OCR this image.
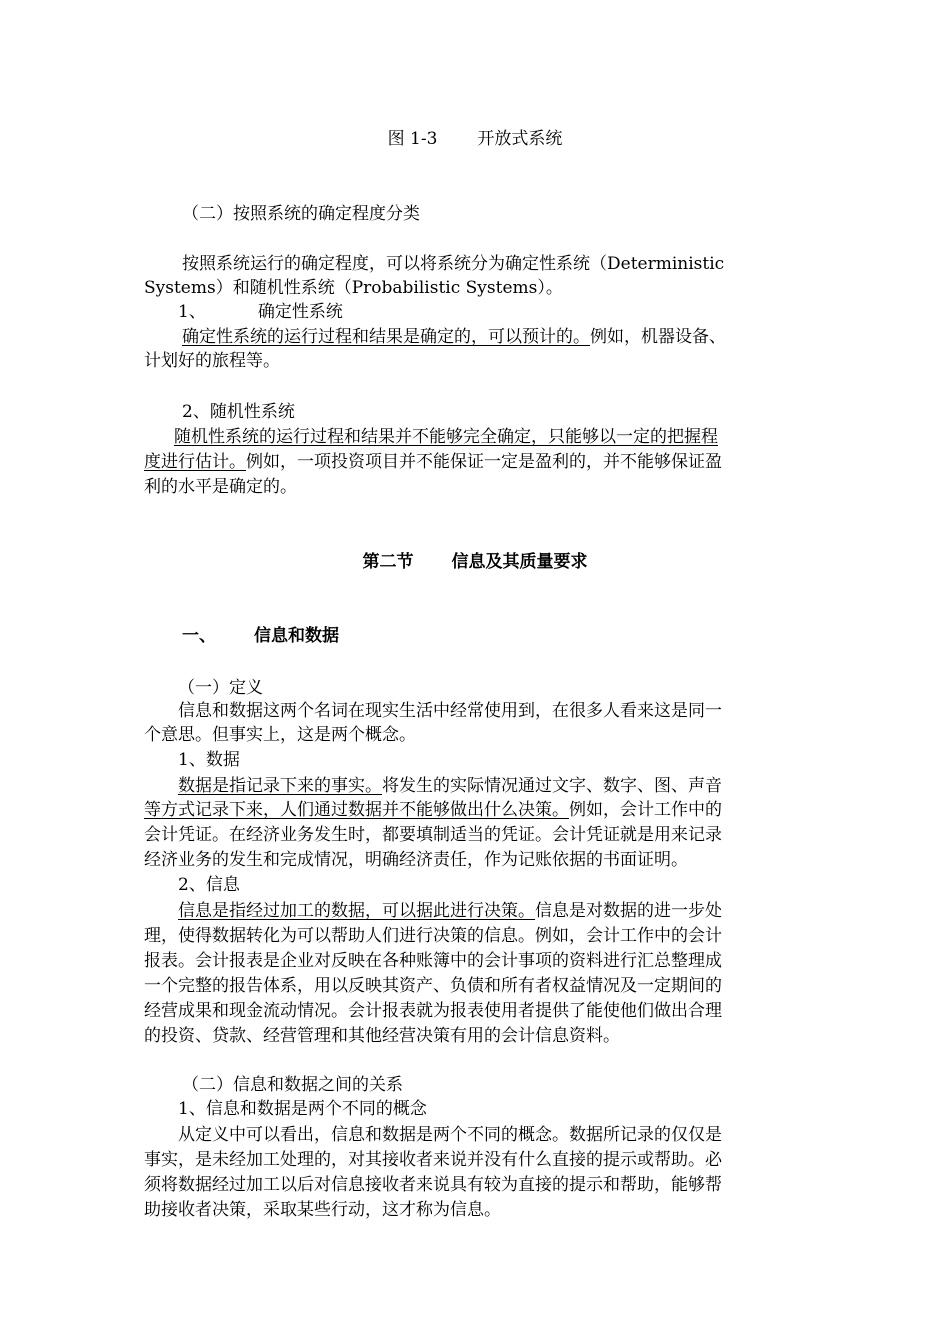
图 1-3 开放式系统

（二）按照系统的确定程度分类

按照系统运行的确定程度，可以将系统分为确定性系统（Deterministic

Systems）和随机性系统（Probabilistic Systems）。

1、	确定性系统

确定性系统的运行过程和结果是确定的，可以预计的。例如，机器设备、

计划好的旅程等。

2、随机性系统

随机性系统的运行过程和结果并不能够完全确定，只能够以一定的把握程

度进行估计。例如，一项投资项目并不能保证一定是盈利的，并不能够保证盈

利的水平是确定的。

第二节 信息及其质量要求

一、 信息和数据

（一）定义

信息和数据这两个名词在现实生活中经常使用到，在很多人看来这是同一

个意思。但事实上，这是两个概念。

1、数据

数据是指记录下来的事实。将发生的实际情况通过文字、数字、图、声音

等方式记录下来，人们通过数据并不能够做出什么决策。例如，会计工作中的

会计凭证。在经济业务发生时，都要填制适当的凭证。会计凭证就是用来记录

经济业务的发生和完成情况，明确经济责任，作为记账依据的书面证明。

2、信息

信息是指经过加工的数据，可以据此进行决策。信息是对数据的进一步处

理，使得数据转化为可以帮助人们进行决策的信息。例如，会计工作中的会计

报表。会计报表是企业对反映在各种账簿中的会计事项的资料进行汇总整理成

一个完整的报告体系，用以反映其资产、负债和所有者权益情况及一定期间的

经营成果和现金流动情况。会计报表就为报表使用者提供了能使他们做出合理

的投资、贷款、经营管理和其他经营决策有用的会计信息资料。

（二）信息和数据之间的关系

1、信息和数据是两个不同的概念

从定义中可以看出，信息和数据是两个不同的概念。数据所记录的仅仅是

事实，是未经加工处理的，对其接收者来说并没有什么直接的提示或帮助。必

须将数据经过加工以后对信息接收者来说具有较为直接的提示和帮助，能够帮

助接收者决策，采取某些行动，这才称为信息。
